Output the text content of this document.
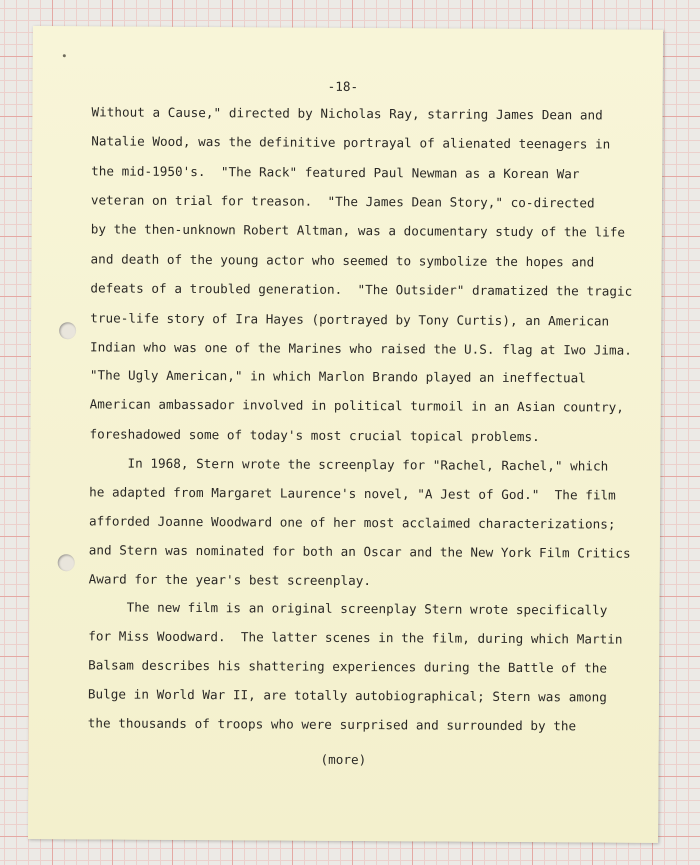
-18-
Without a Cause," directed by Nicholas Ray, starring James Dean and
Natalie Wood, was the definitive portrayal of alienated teenagers in
the mid-1950's.  "The Rack" featured Paul Newman as a Korean War
veteran on trial for treason.  "The James Dean Story," co-directed
by the then-unknown Robert Altman, was a documentary study of the life
and death of the young actor who seemed to symbolize the hopes and
defeats of a troubled generation.  "The Outsider" dramatized the tragic
true-life story of Ira Hayes (portrayed by Tony Curtis), an American
Indian who was one of the Marines who raised the U.S. flag at Iwo Jima.
"The Ugly American," in which Marlon Brando played an ineffectual
American ambassador involved in political turmoil in an Asian country,
foreshadowed some of today's most crucial topical problems.
In 1968, Stern wrote the screenplay for "Rachel, Rachel," which
he adapted from Margaret Laurence's novel, "A Jest of God."  The film
afforded Joanne Woodward one of her most acclaimed characterizations;
and Stern was nominated for both an Oscar and the New York Film Critics
Award for the year's best screenplay.
The new film is an original screenplay Stern wrote specifically
for Miss Woodward.  The latter scenes in the film, during which Martin
Balsam describes his shattering experiences during the Battle of the
Bulge in World War II, are totally autobiographical; Stern was among
the thousands of troops who were surprised and surrounded by the
(more)
